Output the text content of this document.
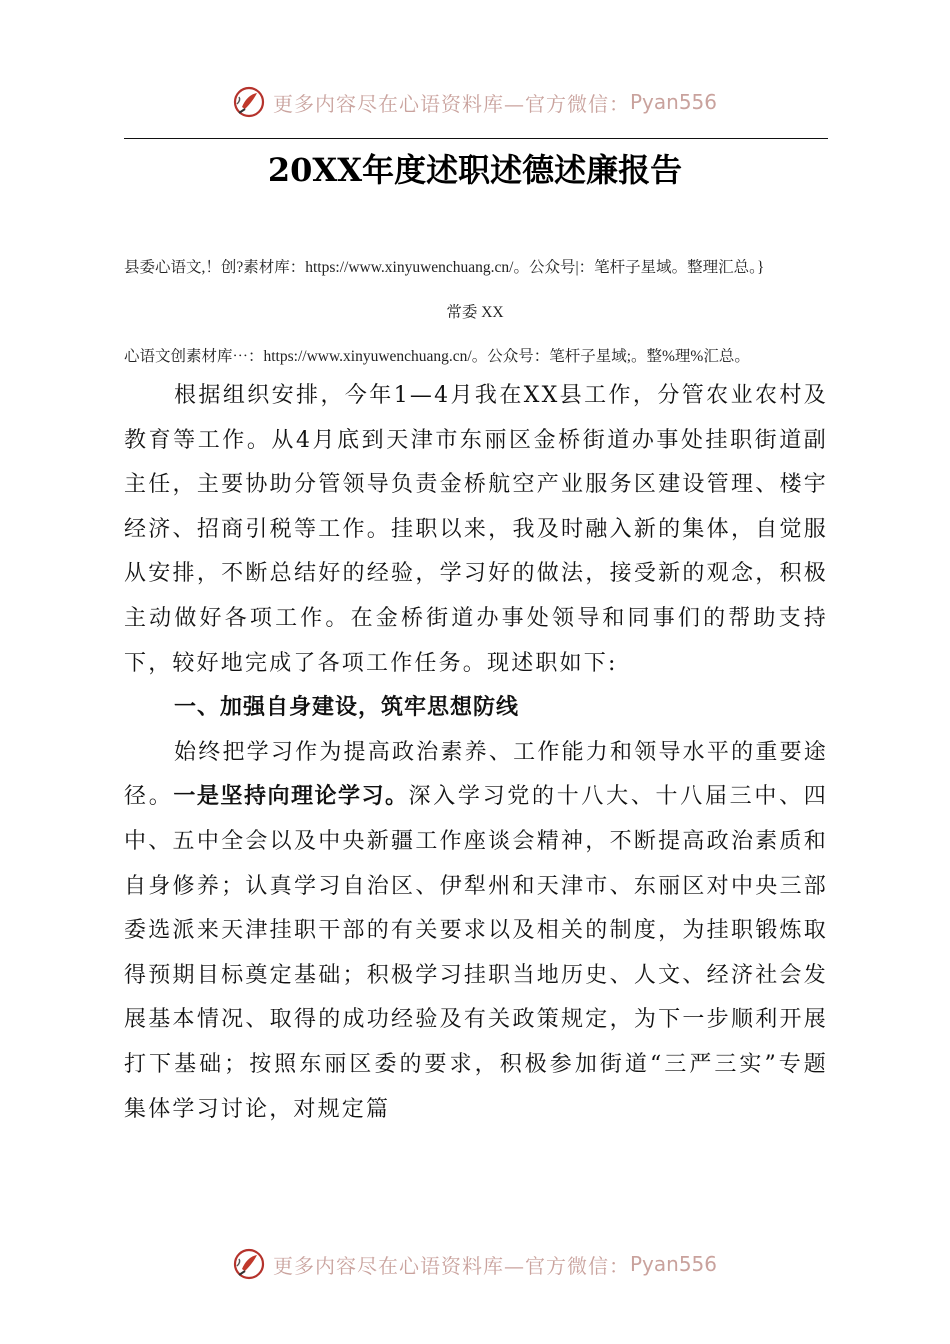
更多内容尽在心语资料库—官方微信： Pyan556
20XX年度述职述德述廉报告
县委心语文,！创?素材库：https://www.xinyuwenchuang.cn/。公众号|：笔杆子星域。整理汇总。}
常委 XX
心语文创素材库⋯：https://www.xinyuwenchuang.cn/。公众号：笔杆子星域;。整%理%汇总。

根据组织安排，今年1—4月我在XX县工作，分管农业农村及教育等工作。从4月底到天津市东丽区金桥街道办事处挂职街道副主任，主要协助分管领导负责金桥航空产业服务区建设管理、楼宇经济、招商引税等工作。挂职以来，我及时融入新的集体，自觉服从安排，不断总结好的经验，学习好的做法，接受新的观念，积极主动做好各项工作。在金桥街道办事处领导和同事们的帮助支持下，较好地完成了各项工作任务。现述职如下:

一、加强自身建设，筑牢思想防线

始终把学习作为提高政治素养、工作能力和领导水平的重要途径。一是坚持向理论学习。深入学习党的十八大、十八届三中、四中、五中全会以及中央新疆工作座谈会精神，不断提高政治素质和自身修养；认真学习自治区、伊犁州和天津市、东丽区对中央三部委选派来天津挂职干部的有关要求以及相关的制度，为挂职锻炼取得预期目标奠定基础；积极学习挂职当地历史、人文、经济社会发展基本情况、取得的成功经验及有关政策规定，为下一步顺利开展打下基础；按照东丽区委的要求，积极参加街道“三严三实”专题集体学习讨论，对规定篇

更多内容尽在心语资料库—官方微信： Pyan556
